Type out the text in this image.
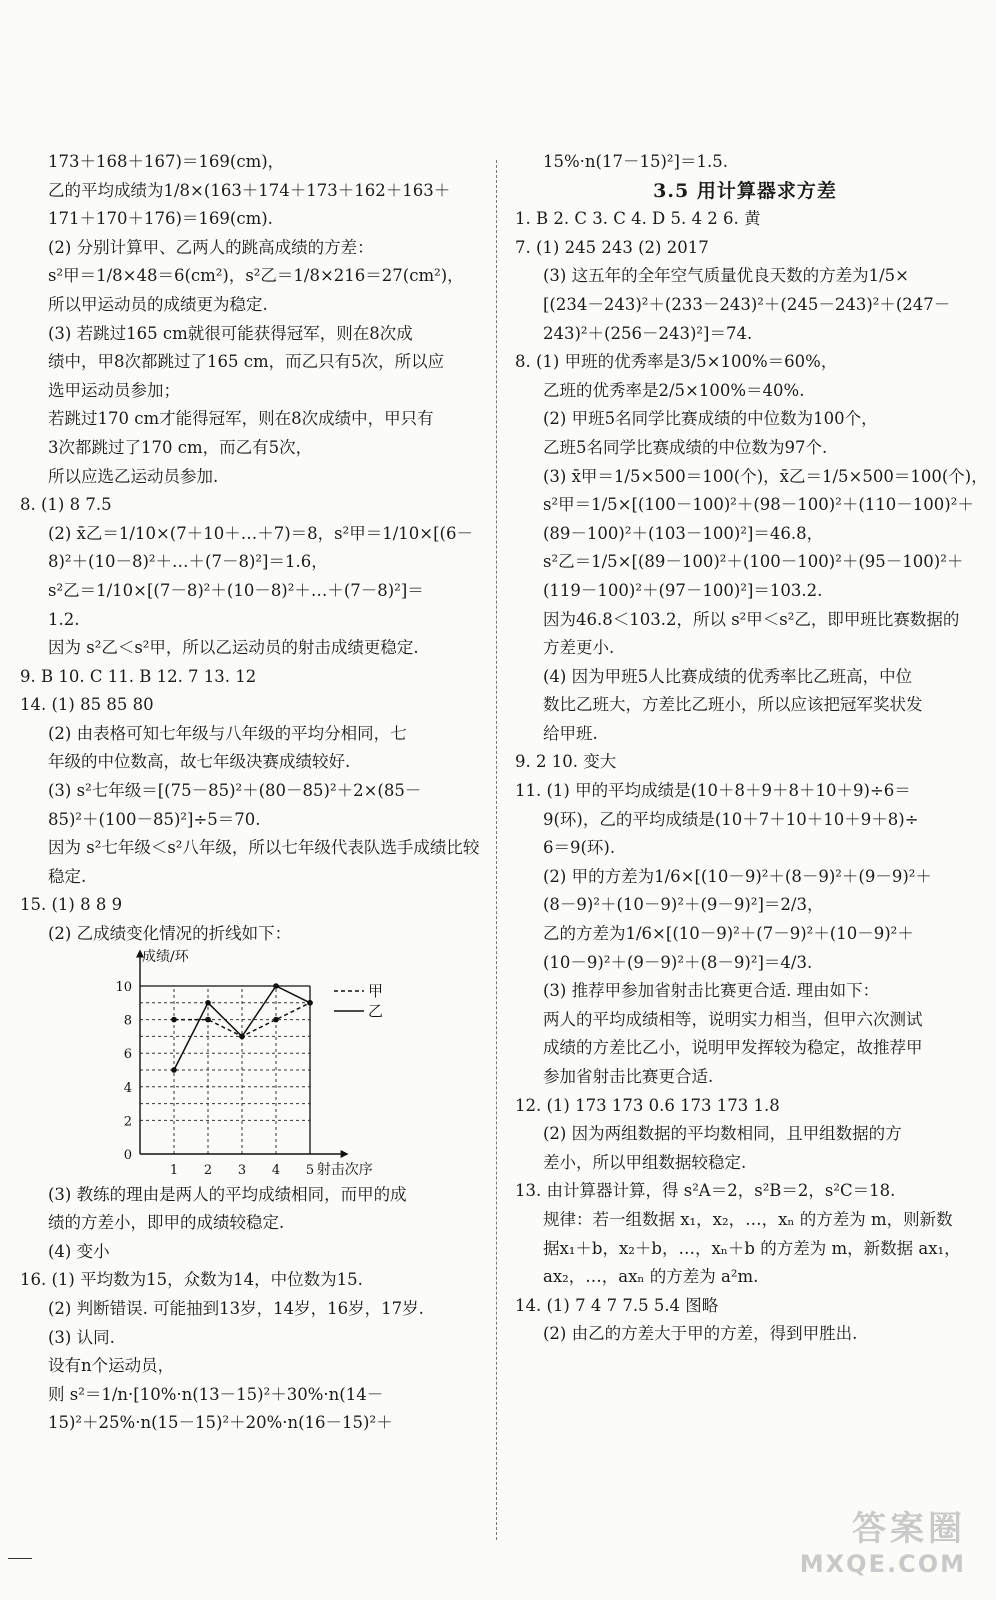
173＋168＋167)＝169(cm)，
乙的平均成绩为1/8×(163＋174＋173＋162＋163＋
171＋170＋176)＝169(cm).
(2) 分别计算甲、乙两人的跳高成绩的方差：
s²甲＝1/8×48＝6(cm²)，s²乙＝1/8×216＝27(cm²)，
所以甲运动员的成绩更为稳定.
(3) 若跳过165 cm就很可能获得冠军，则在8次成
绩中，甲8次都跳过了165 cm，而乙只有5次，所以应
选甲运动员参加；
若跳过170 cm才能得冠军，则在8次成绩中，甲只有
3次都跳过了170 cm，而乙有5次，
所以应选乙运动员参加.
8. (1) 8 7.5
(2) x̄乙＝1/10×(7＋10＋…＋7)＝8，s²甲＝1/10×[(6－
8)²＋(10－8)²＋…＋(7－8)²]＝1.6，
s²乙＝1/10×[(7－8)²＋(10－8)²＋…＋(7－8)²]＝
1.2.
因为 s²乙＜s²甲，所以乙运动员的射击成绩更稳定.
9. B 10. C 11. B 12. 7 13. 12
14. (1) 85 85 80
(2) 由表格可知七年级与八年级的平均分相同，七
年级的中位数高，故七年级决赛成绩较好.
(3) s²七年级＝[(75－85)²＋(80－85)²＋2×(85－
85)²＋(100－85)²]÷5＝70.
因为 s²七年级＜s²八年级，所以七年级代表队选手成绩比较
稳定.
15. (1) 8 8 9
(2) 乙成绩变化情况的折线如下：
成绩/环
射击次序
0
2
4
6
8
10
1 2 3 4 5
甲
乙
(3) 教练的理由是两人的平均成绩相同，而甲的成
绩的方差小，即甲的成绩较稳定.
(4) 变小
16. (1) 平均数为15，众数为14，中位数为15.
(2) 判断错误. 可能抽到13岁，14岁，16岁，17岁.
(3) 认同.
设有n个运动员，
则 s²＝1/n·[10%·n(13－15)²＋30%·n(14－
15)²＋25%·n(15－15)²＋20%·n(16－15)²＋
15%·n(17－15)²]＝1.5.
3.5 用计算器求方差
1. B 2. C 3. C 4. D 5. 4 2 6. 黄
7. (1) 245 243 (2) 2017
(3) 这五年的全年空气质量优良天数的方差为1/5×
[(234－243)²＋(233－243)²＋(245－243)²＋(247－
243)²＋(256－243)²]＝74.
8. (1) 甲班的优秀率是3/5×100%＝60%，
乙班的优秀率是2/5×100%＝40%.
(2) 甲班5名同学比赛成绩的中位数为100个，
乙班5名同学比赛成绩的中位数为97个.
(3) x̄甲＝1/5×500＝100(个)，x̄乙＝1/5×500＝100(个)，
s²甲＝1/5×[(100－100)²＋(98－100)²＋(110－100)²＋
(89－100)²＋(103－100)²]＝46.8，
s²乙＝1/5×[(89－100)²＋(100－100)²＋(95－100)²＋
(119－100)²＋(97－100)²]＝103.2.
因为46.8＜103.2，所以 s²甲＜s²乙，即甲班比赛数据的
方差更小.
(4) 因为甲班5人比赛成绩的优秀率比乙班高，中位
数比乙班大，方差比乙班小，所以应该把冠军奖状发
给甲班.
9. 2 10. 变大
11. (1) 甲的平均成绩是(10＋8＋9＋8＋10＋9)÷6＝
9(环)，乙的平均成绩是(10＋7＋10＋10＋9＋8)÷
6＝9(环).
(2) 甲的方差为1/6×[(10－9)²＋(8－9)²＋(9－9)²＋
(8－9)²＋(10－9)²＋(9－9)²]＝2/3，
乙的方差为1/6×[(10－9)²＋(7－9)²＋(10－9)²＋
(10－9)²＋(9－9)²＋(8－9)²]＝4/3.
(3) 推荐甲参加省射击比赛更合适. 理由如下：
两人的平均成绩相等，说明实力相当，但甲六次测试
成绩的方差比乙小，说明甲发挥较为稳定，故推荐甲
参加省射击比赛更合适.
12. (1) 173 173 0.6 173 173 1.8
(2) 因为两组数据的平均数相同，且甲组数据的方
差小，所以甲组数据较稳定.
13. 由计算器计算，得 s²A＝2，s²B＝2，s²C＝18.
规律：若一组数据 x₁，x₂，…，xₙ 的方差为 m，则新数
据x₁＋b，x₂＋b，…，xₙ＋b 的方差为 m，新数据 ax₁，
ax₂，…，axₙ 的方差为 a²m.
14. (1) 7 4 7 7.5 5.4 图略
(2) 由乙的方差大于甲的方差，得到甲胜出.
答案圈
MXQE.COM
